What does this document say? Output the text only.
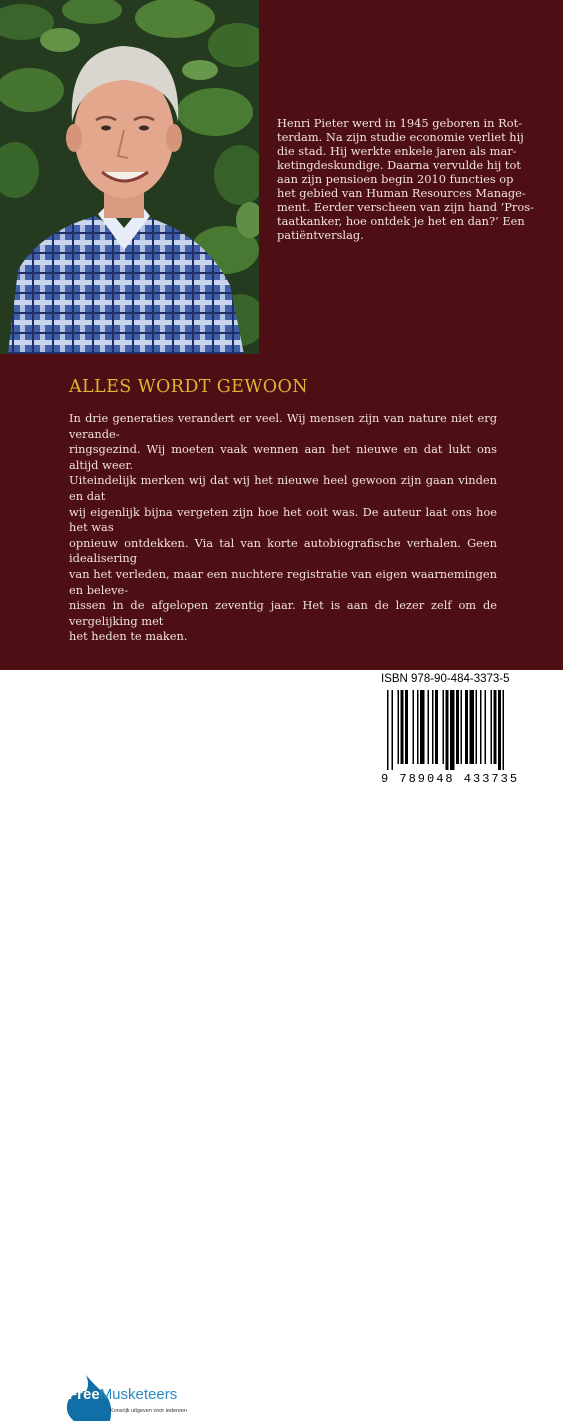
Henri Pieter werd in 1945 geboren in Rot-
terdam. Na zijn studie economie verliet hij
die stad. Hij werkte enkele jaren als mar-
ketingdeskundige. Daarna vervulde hij tot
aan zijn pensioen begin 2010 functies op
het gebied van Human Resources Manage-
ment. Eerder verscheen van zijn hand ‘Pros-
taatkanker, hoe ontdek je het en dan?’ Een
patiëntverslag.
ALLES WORDT GEWOON
In drie generaties verandert er veel. Wij mensen zijn van nature niet erg verande-
ringsgezind. Wij moeten vaak wennen aan het nieuwe en dat lukt ons altijd weer.
Uiteindelijk merken wij dat wij het nieuwe heel gewoon zijn gaan vinden en dat
wij eigenlijk bijna vergeten zijn hoe het ooit was. De auteur laat ons hoe het was
opnieuw ontdekken. Via tal van korte autobiografische verhalen. Geen idealisering
van het verleden, maar een nuchtere registratie van eigen waarnemingen en beleve-
nissen in de afgelopen zeventig jaar. Het is aan de lezer zelf om de vergelijking met
het heden te maken.
FreeMusketeers
Konsrijk uitgeven voor iedereen
ISBN 978-90-484-3373-5
9 789048 433735
